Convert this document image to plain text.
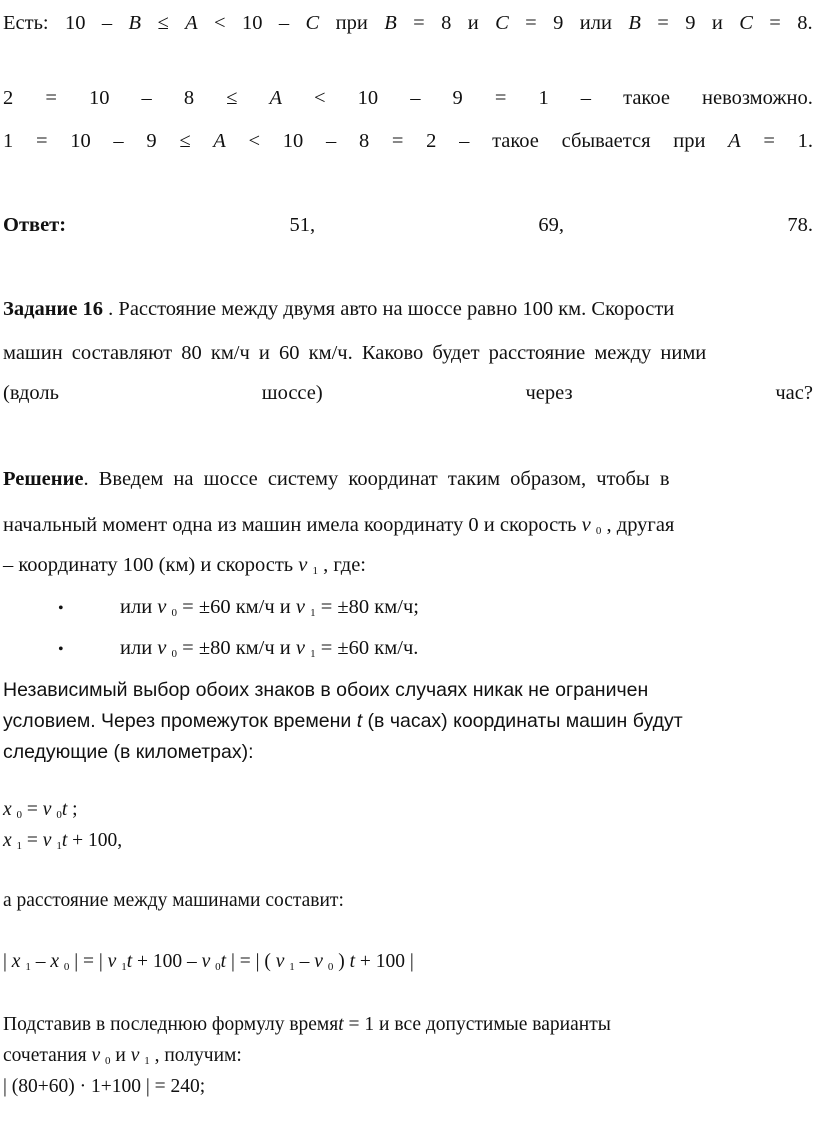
Есть: 10 – B ≤ A < 10 – C при B = 8 и C = 9 или B = 9 и C = 8.
2 = 10 – 8 ≤ A < 10 – 9 = 1 – такое невозможно.
1 = 10 – 9 ≤ A < 10 – 8 = 2 – такое сбывается при A = 1.
Ответ:	51,	69,	78.
Задание 16 . Расстояние между двумя авто на шоссе равно 100 км. Скорости
машин составляют 80 км/ч и 60 км/ч. Каково будет расстояние между ними
(вдоль	шоссе)	через	час?
Решение. Введем на шоссе систему координат таким образом, чтобы в
начальный момент одна из машин имела координату 0 и скорость v $_0$ , другая
– координату 100 (км) и скорость v $_1$ , где:
•	или v $_0$ = ±60 км/ч и v $_1$ = ±80 км/ч;
•	или v $_0$ = ±80 км/ч и v $_1$ = ±60 км/ч.
Независимый выбор обоих знаков в обоих случаях никак не ограничен
условием. Через промежуток времени t (в часах) координаты машин будут
следующие (в километрах):
x $_0$ = v $_0$t ;
x $_1$ = v $_1$t + 100,
а расстояние между машинами составит:
| x $_1$ – x $_0$ | = | v $_1$t + 100 – v $_0$t | = | ( v $_1$ – v $_0$ ) t + 100 |
Подставив в последнюю формулу времяt = 1 и все допустимые варианты
сочетания v $_0$ и v $_1$ , получим:
| (80+60) · 1+100 | = 240;
